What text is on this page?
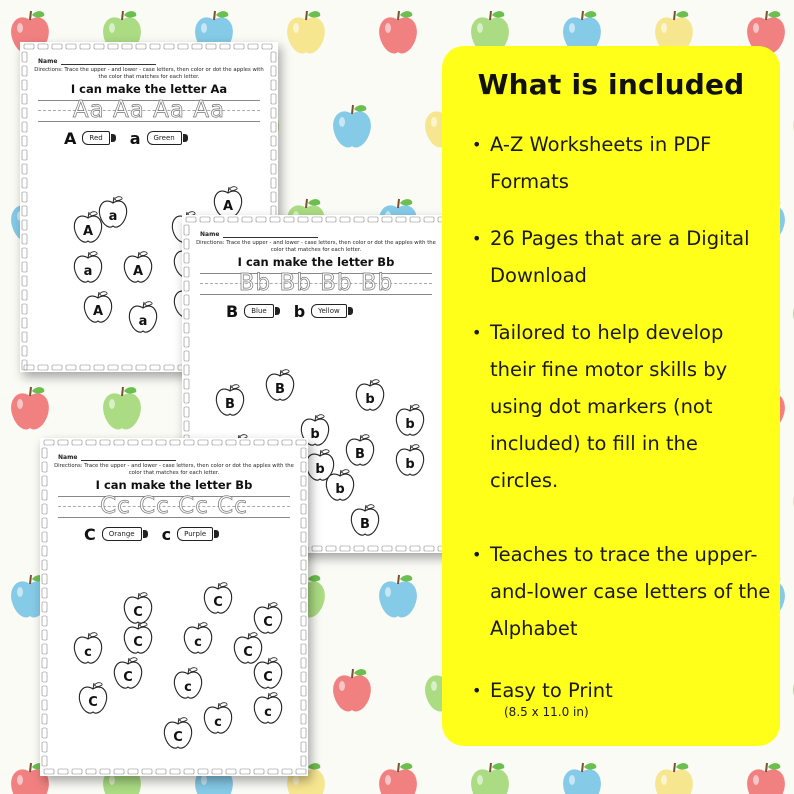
Name
Directions: Trace the upper - and lower - case letters, then color or dot the apples with the color that matches for each letter.
I can make the letter Aa
Aa Aa Aa Aa
A	Red	a	Green
A
a
A
a	A
A
a
Name
Directions: Trace the upper - and lower - case letters, then color or dot the apples with the color that matches for each letter.
I can make the letter Bb
Bb Bb Bb Bb
B	Blue	b	Yellow
B
B
b
b
b
b
B
b
b
B
Name
Directions: Trace the upper - and lower - case letters, then color or dot the apples with the color that matches for each letter.
I can make the letter Bb
Cc Cc Cc Cc
C	Orange	c	Purple
C
C
C
c
C	c
C
C
c
C
C
c
c
C
What is included
• A-Z Worksheets in PDF Formats
• 26 Pages that are a Digital Download
• Tailored to help develop their fine motor skills by using dot markers (not included) to fill in the circles.
• Teaches to trace the upper-and-lower case letters of the Alphabet
• Easy to Print
(8.5 x 11.0 in)
